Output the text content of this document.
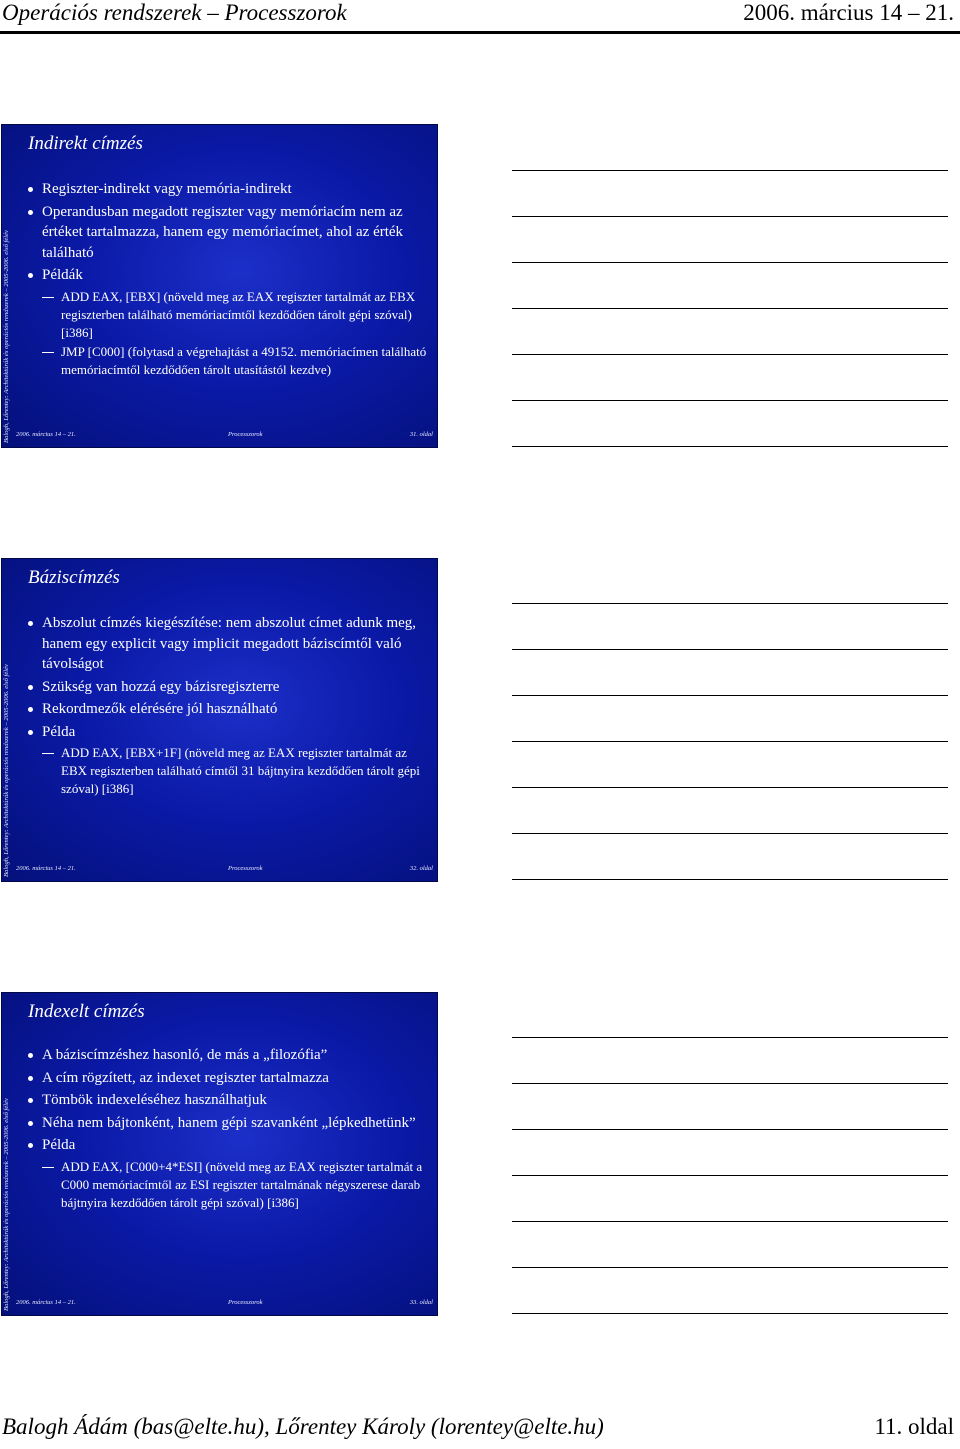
Operációs rendszerek – Processzorok	2006. március 14 – 21.
Balogh, Lőrentey: Architektúrák és operációs rendszerek – 2005-2006. első félév
Indirekt címzés
Regiszter-indirekt vagy memória-indirekt
Operandusban megadott regiszter vagy memóriacím nem az értéket tartalmazza, hanem egy memóriacímet, ahol az érték található
Példák
ADD EAX, [EBX] (növeld meg az EAX regiszter tartalmát az EBX regiszterben található memóriacímtől kezdődően tárolt gépi szóval) [i386]
JMP [C000] (folytasd a végrehajtást a 49152. memóriacímen található memóriacímtől kezdődően tárolt utasítástól kezdve)
2006. március 14 – 21.	Processzorok	31. oldal
Balogh, Lőrentey: Architektúrák és operációs rendszerek – 2005-2006. első félév
Báziscímzés
Abszolut címzés kiegészítése: nem abszolut címet adunk meg, hanem egy explicit vagy implicit megadott báziscímtől való távolságot
Szükség van hozzá egy bázisregiszterre
Rekordmezők elérésére jól használható
Példa
ADD EAX, [EBX+1F] (növeld meg az EAX regiszter tartalmát az EBX regiszterben található címtől 31 bájtnyira kezdődően tárolt gépi szóval) [i386]
2006. március 14 – 21.	Processzorok	32. oldal
Balogh, Lőrentey: Architektúrák és operációs rendszerek – 2005-2006. első félév
Indexelt címzés
A báziscímzéshez hasonló, de más a „filozófia”
A cím rögzített, az indexet regiszter tartalmazza
Tömbök indexeléséhez használhatjuk
Néha nem bájtonként, hanem gépi szavanként „lépkedhetünk”
Példa
ADD EAX, [C000+4*ESI] (növeld meg az EAX regiszter tartalmát a C000 memóriacímtől az ESI regiszter tartalmának négyszerese darab bájtnyira kezdődően tárolt gépi szóval) [i386]
2006. március 14 – 21.	Processzorok	33. oldal
Balogh Ádám (bas@elte.hu), Lőrentey Károly (lorentey@elte.hu)	11. oldal
